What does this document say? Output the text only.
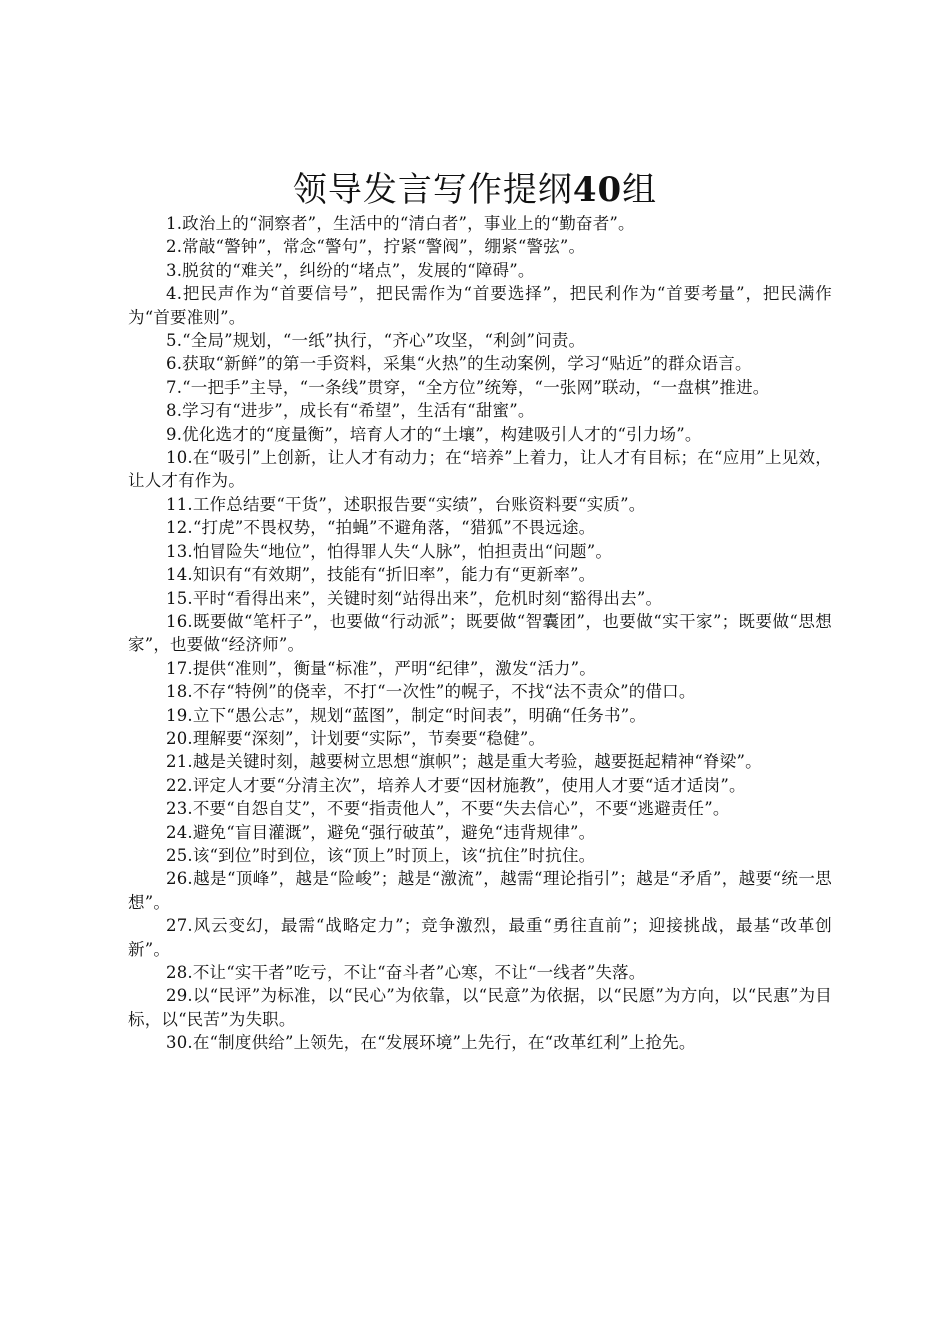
领导发言写作提纲40组

1.政治上的“洞察者”，生活中的“清白者”，事业上的“勤奋者”。

2.常敲“警钟”，常念“警句”，拧紧“警阀”，绷紧“警弦”。

3.脱贫的“难关”，纠纷的“堵点”，发展的“障碍”。

4.把民声作为“首要信号”，把民需作为“首要选择”，把民利作为“首要考量”，把民满作为“首要准则”。

5.“全局”规划，“一纸”执行，“齐心”攻坚，“利剑”问责。

6.获取“新鲜”的第一手资料，采集“火热”的生动案例，学习“贴近”的群众语言。

7.“一把手”主导，“一条线”贯穿，“全方位”统筹，“一张网”联动，“一盘棋”推进。

8.学习有“进步”，成长有“希望”，生活有“甜蜜”。

9.优化选才的“度量衡”，培育人才的“土壤”，构建吸引人才的“引力场”。

10.在“吸引”上创新，让人才有动力；在“培养”上着力，让人才有目标；在“应用”上见效，让人才有作为。

11.工作总结要“干货”，述职报告要“实绩”，台账资料要“实质”。

12.“打虎”不畏权势，“拍蝇”不避角落，“猎狐”不畏远途。

13.怕冒险失“地位”，怕得罪人失“人脉”，怕担责出“问题”。

14.知识有“有效期”，技能有“折旧率”，能力有“更新率”。

15.平时“看得出来”，关键时刻“站得出来”，危机时刻“豁得出去”。

16.既要做“笔杆子”，也要做“行动派”；既要做“智囊团”，也要做“实干家”；既要做“思想家”，也要做“经济师”。

17.提供“准则”，衡量“标准”，严明“纪律”，激发“活力”。

18.不存“特例”的侥幸，不打“一次性”的幌子，不找“法不责众”的借口。

19.立下“愚公志”，规划“蓝图”，制定“时间表”，明确“任务书”。

20.理解要“深刻”，计划要“实际”，节奏要“稳健”。

21.越是关键时刻，越要树立思想“旗帜”；越是重大考验，越要挺起精神“脊梁”。

22.评定人才要“分清主次”，培养人才要“因材施教”，使用人才要“适才适岗”。

23.不要“自怨自艾”，不要“指责他人”，不要“失去信心”，不要“逃避责任”。

24.避免“盲目灌溉”，避免“强行破茧”，避免“违背规律”。

25.该“到位”时到位，该“顶上”时顶上，该“抗住”时抗住。

26.越是“顶峰”，越是“险峻”；越是“激流”，越需“理论指引”；越是“矛盾”，越要“统一思想”。

27.风云变幻，最需“战略定力”；竞争激烈，最重“勇往直前”；迎接挑战，最基“改革创新”。

28.不让“实干者”吃亏，不让“奋斗者”心寒，不让“一线者”失落。

29.以“民评”为标准，以“民心”为依靠，以“民意”为依据，以“民愿”为方向，以“民惠”为目标，以“民苦”为失职。

30.在“制度供给”上领先，在“发展环境”上先行，在“改革红利”上抢先。
